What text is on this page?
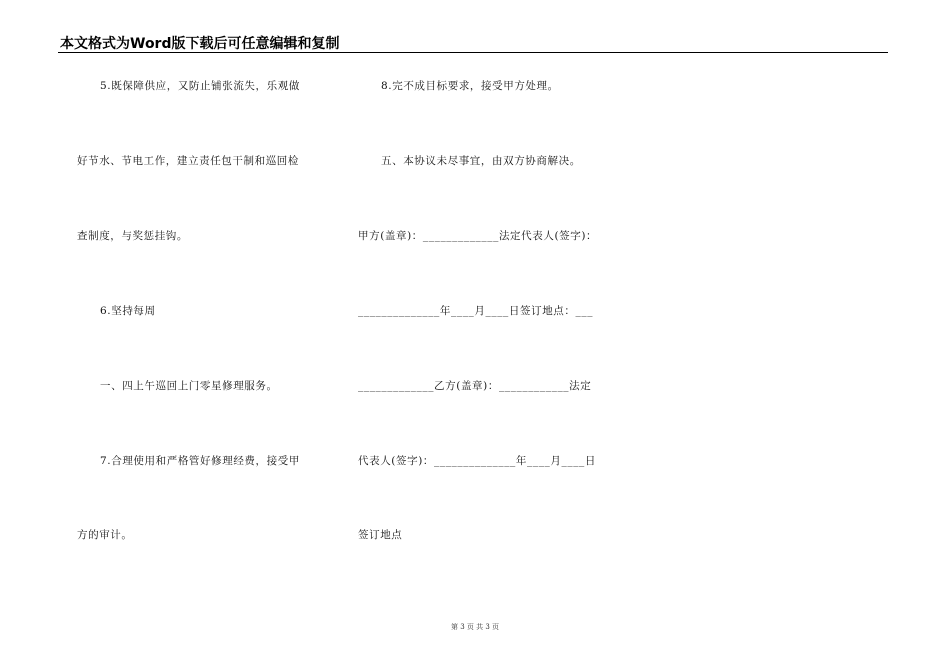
本文格式为Word版下载后可任意编辑和复制
5.既保障供应，又防止铺张流失，乐观做
好节水、节电工作，建立责任包干制和巡回检
查制度，与奖惩挂钩。
6.坚持每周
一、四上午巡回上门零星修理服务。
7.合理使用和严格管好修理经费，接受甲
方的审计。
8.完不成目标要求，接受甲方处理。
五、本协议未尽事宜，由双方协商解决。
甲方(盖章)：_____________法定代表人(签字)：
______________年____月____日签订地点：___
_____________乙方(盖章)：____________法定
代表人(签字)：______________年____月____日
签订地点
第 3 页 共 3 页
